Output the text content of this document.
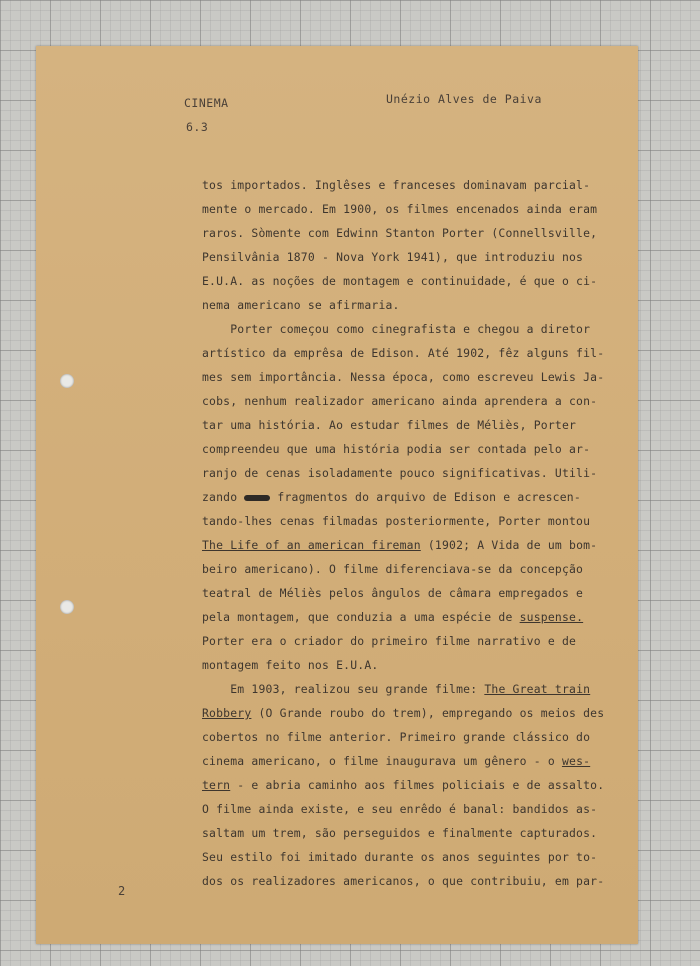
CINEMA
6.3
Unézio Alves de Paiva
tos importados. Inglêses e franceses dominavam parcial-
mente o mercado. Em 1900, os filmes encenados ainda eram
raros. Sòmente com Edwinn Stanton Porter (Connellsville,
Pensilvânia 1870 - Nova York 1941), que introduziu nos
E.U.A. as noções de montagem e continuidade, é que o ci-
nema americano se afirmaria.
Porter começou como cinegrafista e chegou a diretor
artístico da emprêsa de Edison. Até 1902, fêz alguns fil-
mes sem importância. Nessa época, como escreveu Lewis Ja-
cobs, nenhum realizador americano ainda aprendera a con-
tar uma história. Ao estudar filmes de Méliès, Porter
compreendeu que uma história podia ser contada pelo ar-
ranjo de cenas isoladamente pouco significativas. Utili-
zando	fragmentos do arquivo de Edison e acrescen-
tando-lhes cenas filmadas posteriormente, Porter montou
The Life of an american fireman (1902; A Vida de um bom-
beiro americano). O filme diferenciava-se da concepção
teatral de Méliès pelos ângulos de câmara empregados e
pela montagem, que conduzia a uma espécie de suspense.
Porter era o criador do primeiro filme narrativo e de
montagem feito nos E.U.A.
Em 1903, realizou seu grande filme: The Great train
Robbery (O Grande roubo do trem), empregando os meios des
cobertos no filme anterior. Primeiro grande clássico do
cinema americano, o filme inaugurava um gênero - o wes-
tern - e abria caminho aos filmes policiais e de assalto.
O filme ainda existe, e seu enrêdo é banal: bandidos as-
saltam um trem, são perseguidos e finalmente capturados.
Seu estilo foi imitado durante os anos seguintes por to-
dos os realizadores americanos, o que contribuiu, em par-
2
